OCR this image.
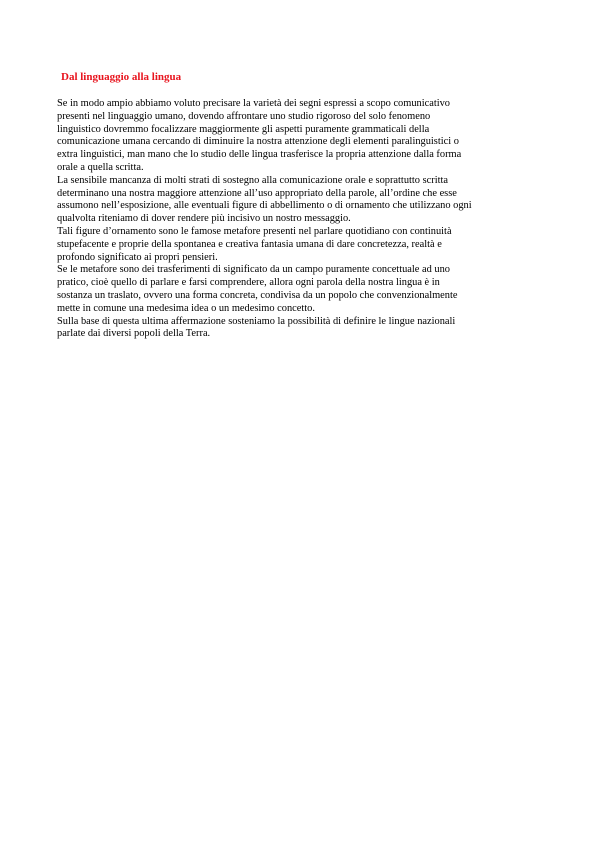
Dal linguaggio alla lingua

Se in modo ampio abbiamo voluto precisare la varietà dei segni espressi a scopo comunicativo

presenti nel linguaggio umano, dovendo affrontare uno studio rigoroso del solo fenomeno

linguistico dovremmo focalizzare maggiormente gli aspetti puramente grammaticali della

comunicazione umana cercando di diminuire la nostra attenzione degli elementi paralinguistici o

extra linguistici, man mano che lo studio delle lingua trasferisce la propria attenzione dalla forma

orale a quella scritta.

La sensibile mancanza di molti strati di sostegno alla comunicazione orale e soprattutto scritta

determinano una nostra maggiore attenzione all’uso appropriato della parole, all’ordine che esse

assumono nell’esposizione, alle eventuali figure di abbellimento o di ornamento che utilizzano ogni

qualvolta riteniamo di dover rendere più incisivo un nostro messaggio.

Tali figure d’ornamento sono le famose metafore presenti nel parlare quotidiano con continuità

stupefacente e proprie della spontanea e creativa fantasia umana di dare concretezza, realtà e

profondo significato ai propri pensieri.

Se le metafore sono dei trasferimenti di significato da un campo puramente concettuale ad uno

pratico, cioè quello di parlare e farsi comprendere, allora ogni parola della nostra lingua è in

sostanza un traslato, ovvero una forma concreta, condivisa da un popolo che convenzionalmente

mette in comune una medesima idea o un medesimo concetto.

Sulla base di questa ultima affermazione sosteniamo la possibilità di definire le lingue nazionali

parlate dai diversi popoli della Terra.
